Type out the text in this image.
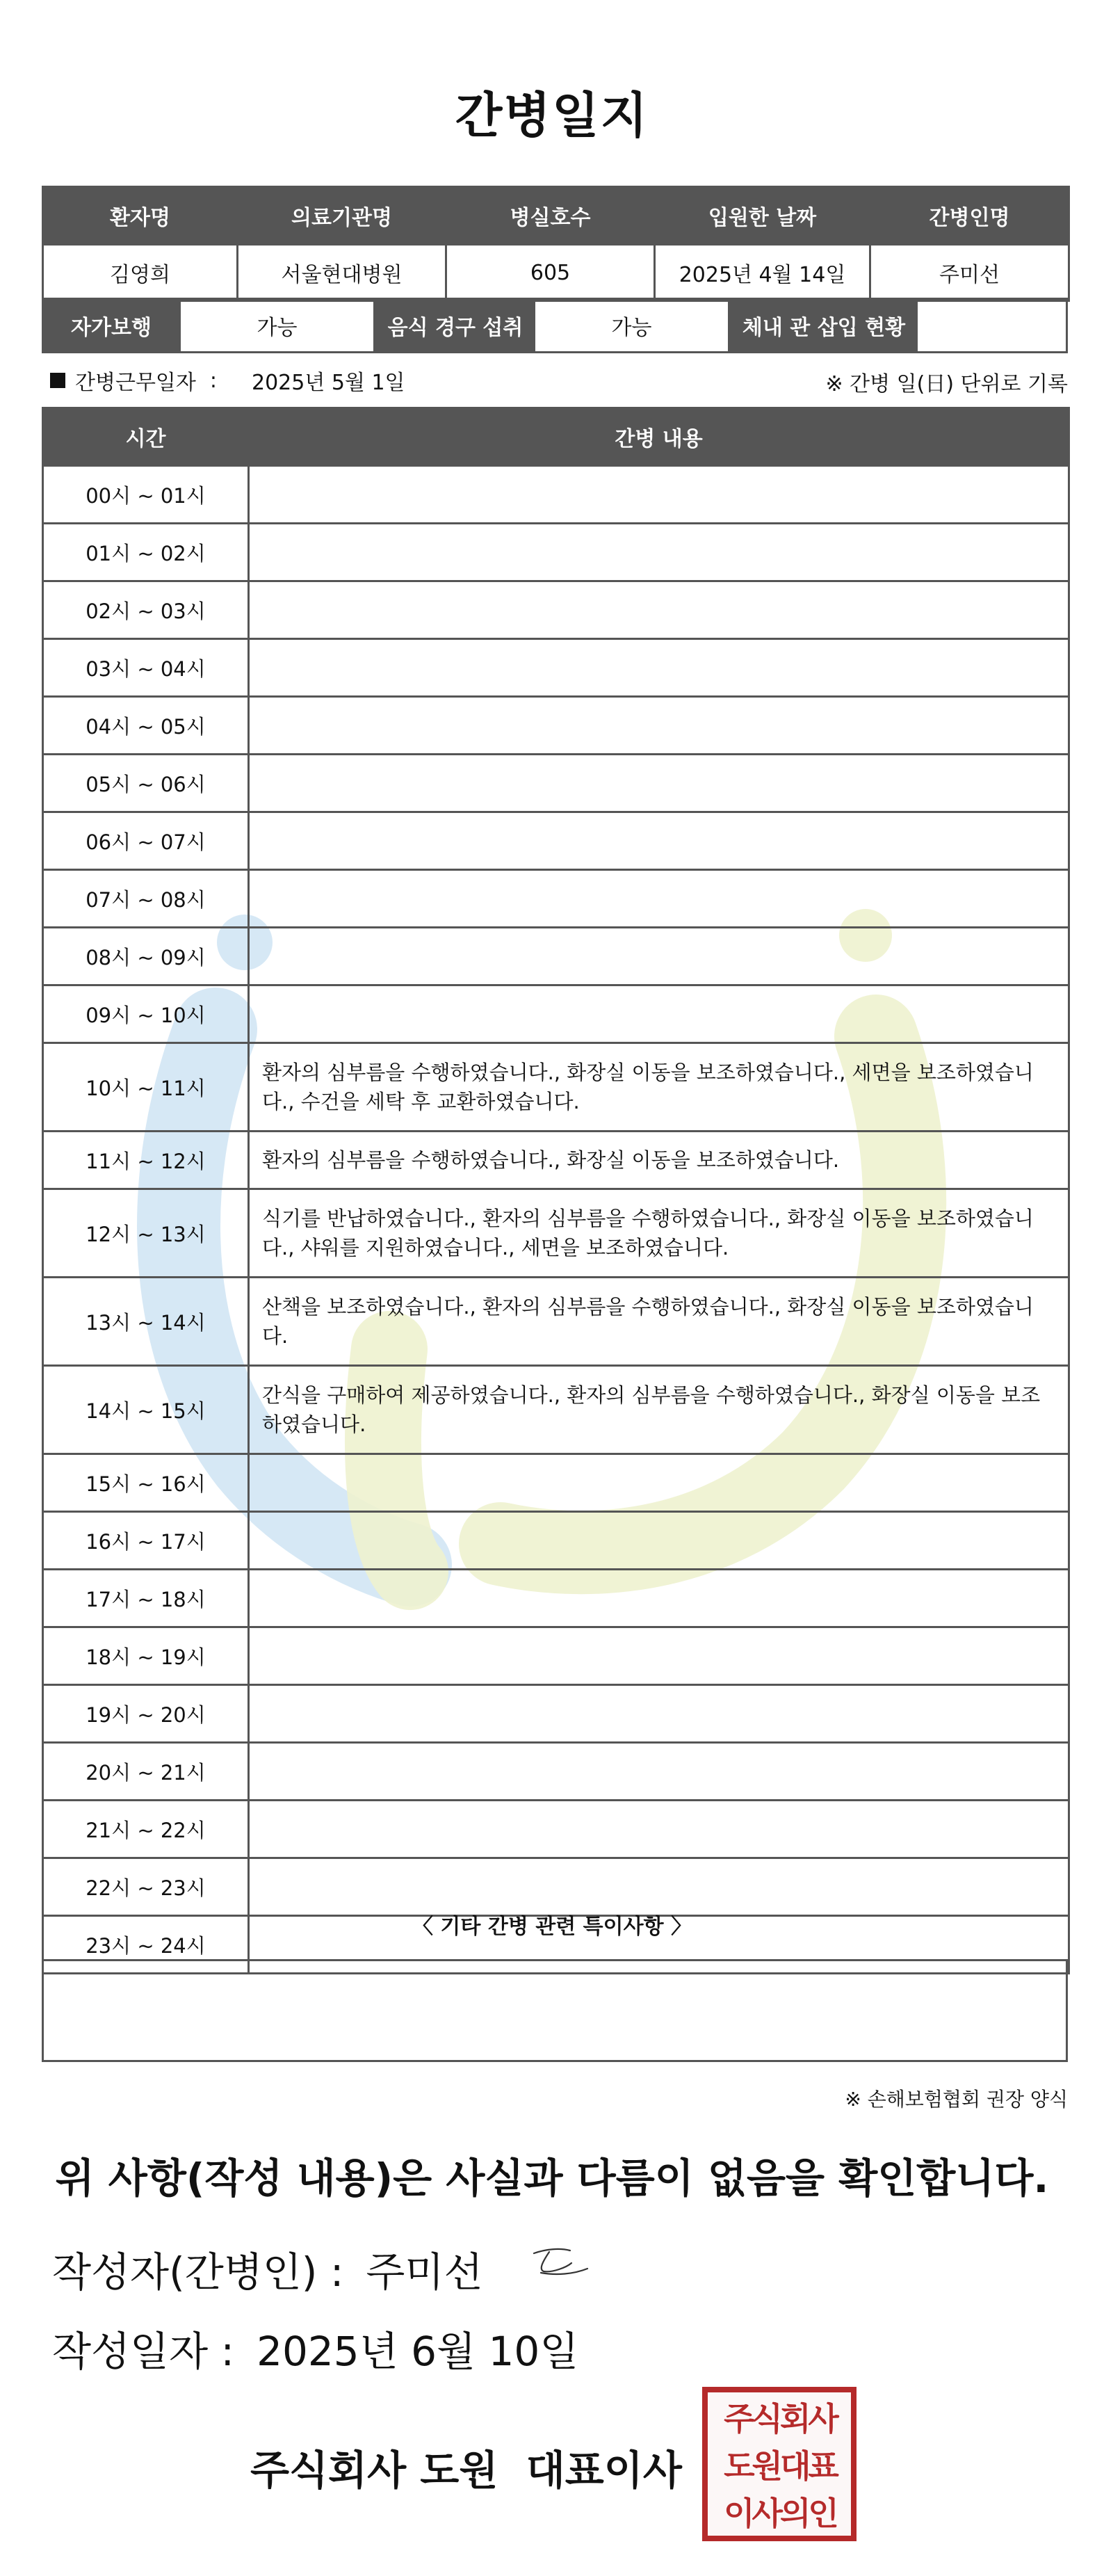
간병일지
환자명	의료기관명	병실호수	입원한 날짜	간병인명
김영희	서울현대병원	605	2025년 4월 14일	주미선
자가보행	가능	음식 경구 섭취	가능	체내 관 삽입 현황
간병근무일자 : 2025년 5월 1일	※ 간병 일(日) 단위로 기록
시간	간병 내용
00시 ~ 01시	
01시 ~ 02시	
02시 ~ 03시	
03시 ~ 04시	
04시 ~ 05시	
05시 ~ 06시	
06시 ~ 07시	
07시 ~ 08시	
08시 ~ 09시	
09시 ~ 10시	
10시 ~ 11시	환자의 심부름을 수행하였습니다., 화장실 이동을 보조하였습니다., 세면을 보조하였습니다., 수건을 세탁 후 교환하였습니다.
11시 ~ 12시	환자의 심부름을 수행하였습니다., 화장실 이동을 보조하였습니다.
12시 ~ 13시	식기를 반납하였습니다., 환자의 심부름을 수행하였습니다., 화장실 이동을 보조하였습니다., 샤워를 지원하였습니다., 세면을 보조하였습니다.
13시 ~ 14시	산책을 보조하였습니다., 환자의 심부름을 수행하였습니다., 화장실 이동을 보조하였습니다.
14시 ~ 15시	간식을 구매하여 제공하였습니다., 환자의 심부름을 수행하였습니다., 화장실 이동을 보조하였습니다.
15시 ~ 16시	
16시 ~ 17시	
17시 ~ 18시	
18시 ~ 19시	
19시 ~ 20시	
20시 ~ 21시	
21시 ~ 22시	
22시 ~ 23시	
23시 ~ 24시	
〈 기타 간병 관련 특이사항 〉
※ 손해보험협회 권장 양식
위 사항(작성 내용)은 사실과 다름이 없음을 확인합니다.
작성자(간병인) : 주미선
작성일자 : 2025년 6월 10일
주식회사 도원  대표이사
주식회사도원대표이사의인
